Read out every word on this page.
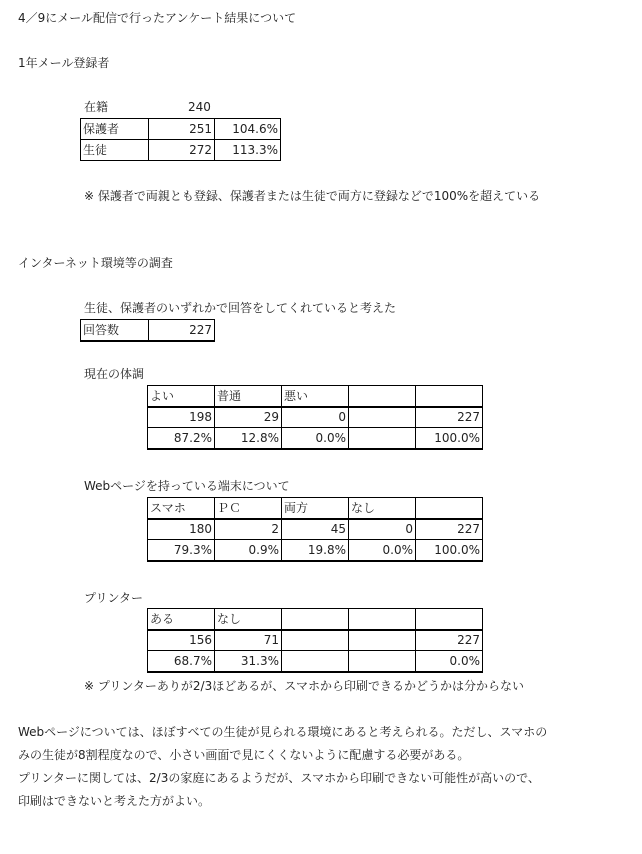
4／9にメール配信で行ったアンケート結果について
1年メール登録者
在籍	240
保護者	251	104.6%
生徒	272	113.3%
※ 保護者で両親とも登録、保護者または生徒で両方に登録などで100%を超えている
インターネット環境等の調査
生徒、保護者のいずれかで回答をしてくれていると考えた
回答数	227
現在の体調
よい	普通	悪い		
198	29	0		227
87.2%	12.8%	0.0%		100.0%
Webページを持っている端末について
スマホ	ＰＣ	両方	なし	
180	2	45	0	227
79.3%	0.9%	19.8%	0.0%	100.0%
プリンター
ある	なし			
156	71			227
68.7%	31.3%			0.0%
※ プリンターありが2/3ほどあるが、スマホから印刷できるかどうかは分からない
Webページについては、ほぼすべての生徒が見られる環境にあると考えられる。ただし、スマホの
みの生徒が8割程度なので、小さい画面で見にくくないように配慮する必要がある。
プリンターに関しては、2/3の家庭にあるようだが、スマホから印刷できない可能性が高いので、
印刷はできないと考えた方がよい。
